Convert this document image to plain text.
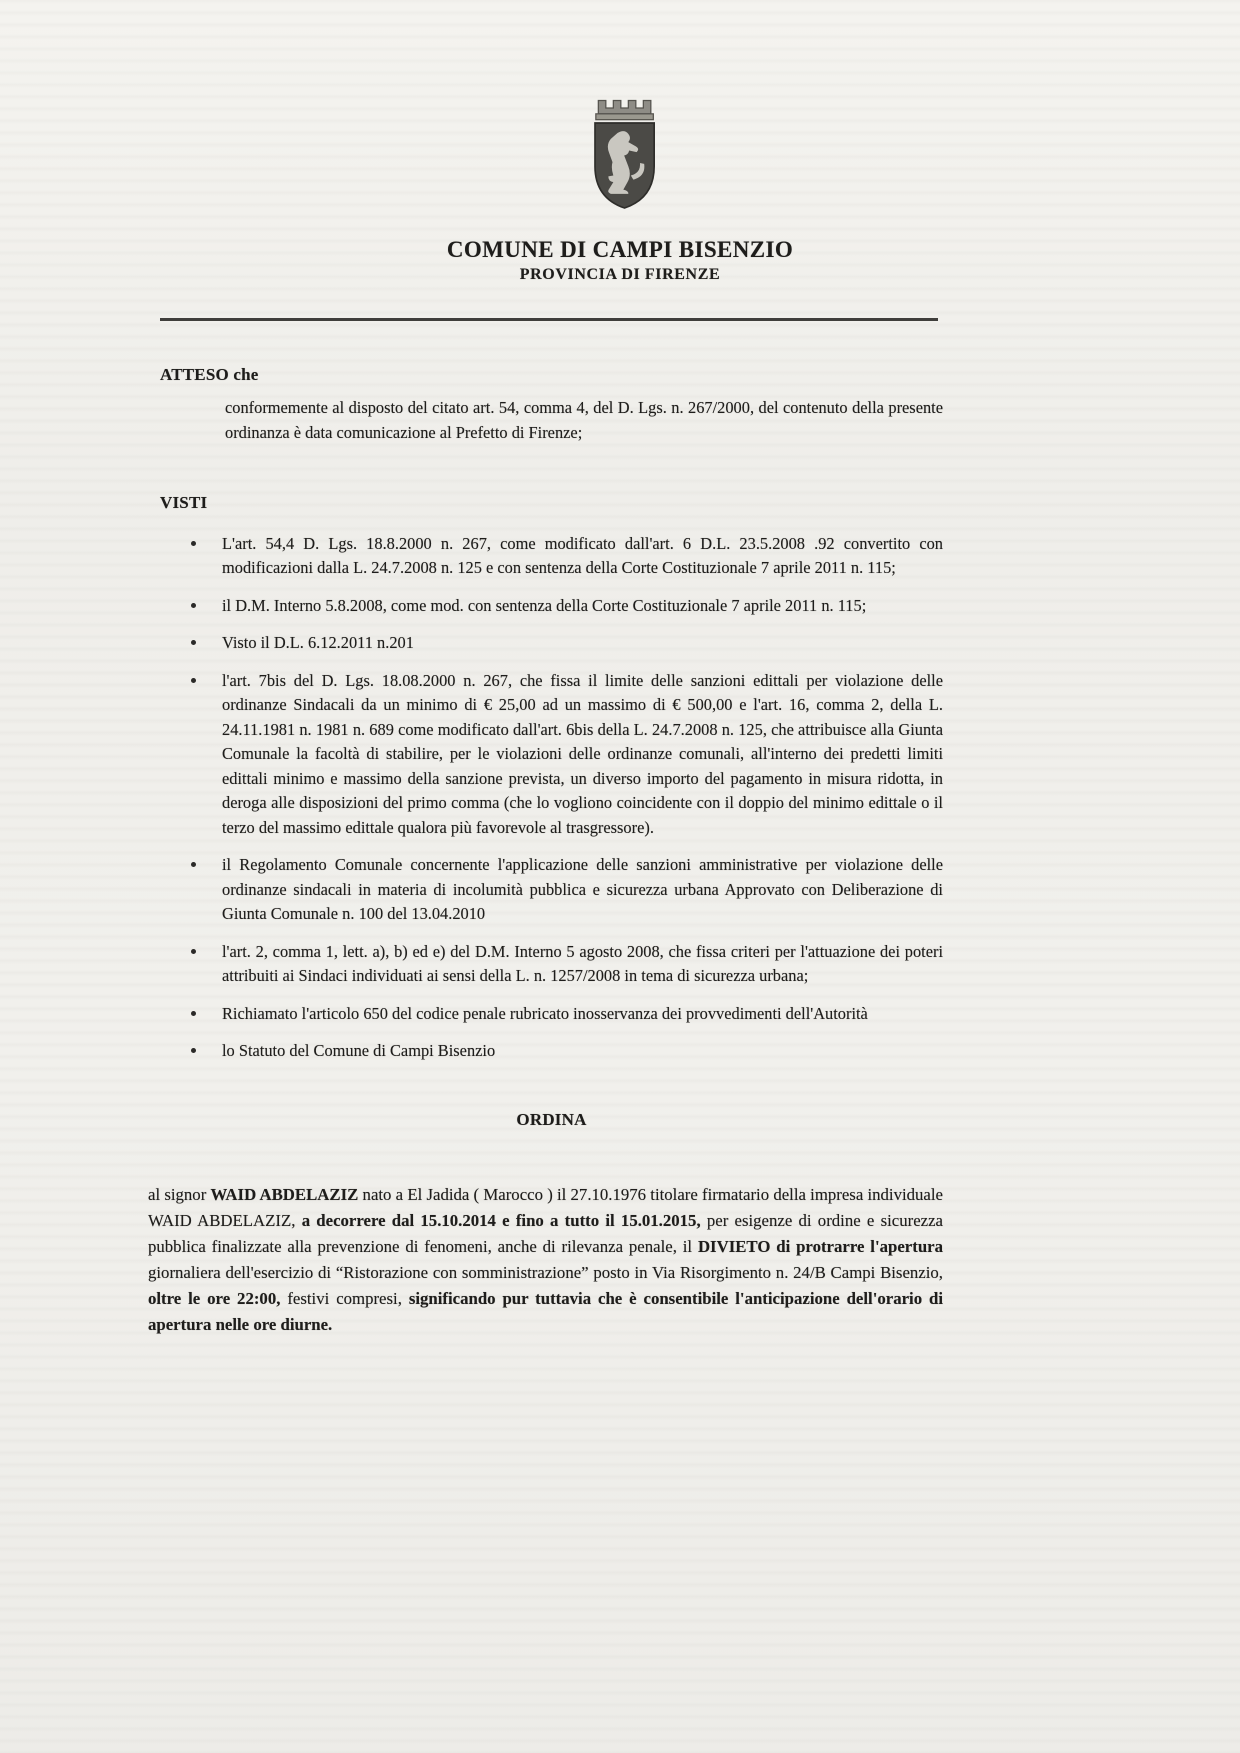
COMUNE DI CAMPI BISENZIO
PROVINCIA DI FIRENZE
ATTESO che

conformemente al disposto del citato art. 54, comma 4, del D. Lgs. n. 267/2000, del contenuto della presente ordinanza è data comunicazione al Prefetto di Firenze;

VISTI
L'art. 54,4 D. Lgs. 18.8.2000 n. 267, come modificato dall'art. 6 D.L. 23.5.2008 .92 convertito con modificazioni dalla L. 24.7.2008 n. 125 e con sentenza della Corte Costituzionale 7 aprile 2011 n. 115;
il D.M. Interno 5.8.2008, come mod. con sentenza della Corte Costituzionale 7 aprile 2011 n. 115;
Visto il D.L. 6.12.2011 n.201
l'art. 7bis del D. Lgs. 18.08.2000 n. 267, che fissa il limite delle sanzioni edittali per violazione delle ordinanze Sindacali da un minimo di € 25,00 ad un massimo di € 500,00 e l'art. 16, comma 2, della L. 24.11.1981 n. 1981 n. 689 come modificato dall'art. 6bis della L. 24.7.2008 n. 125, che attribuisce alla Giunta Comunale la facoltà di stabilire, per le violazioni delle ordinanze comunali, all'interno dei predetti limiti edittali minimo e massimo della sanzione prevista, un diverso importo del pagamento in misura ridotta, in deroga alle disposizioni del primo comma (che lo vogliono coincidente con il doppio del minimo edittale o il terzo del massimo edittale qualora più favorevole al trasgressore).
il Regolamento Comunale concernente l'applicazione delle sanzioni amministrative per violazione delle ordinanze sindacali in materia di incolumità pubblica e sicurezza urbana Approvato con Deliberazione di Giunta Comunale n. 100 del 13.04.2010
l'art. 2, comma 1, lett. a), b) ed e) del D.M. Interno 5 agosto 2008, che fissa criteri per l'attuazione dei poteri attribuiti ai Sindaci individuati ai sensi della L. n. 1257/2008 in tema di sicurezza urbana;
Richiamato l'articolo 650 del codice penale rubricato inosservanza dei provvedimenti dell'Autorità
lo Statuto del Comune di Campi Bisenzio
ORDINA

al signor WAID ABDELAZIZ nato a El Jadida ( Marocco ) il 27.10.1976 titolare firmatario della impresa individuale WAID ABDELAZIZ, a decorrere dal 15.10.2014 e fino a tutto il 15.01.2015, per esigenze di ordine e sicurezza pubblica finalizzate alla prevenzione di fenomeni, anche di rilevanza penale, il DIVIETO di protrarre l'apertura giornaliera dell'esercizio di “Ristorazione con somministrazione” posto in Via Risorgimento n. 24/B Campi Bisenzio, oltre le ore 22:00, festivi compresi, significando pur tuttavia che è consentibile l'anticipazione dell'orario di apertura nelle ore diurne.
